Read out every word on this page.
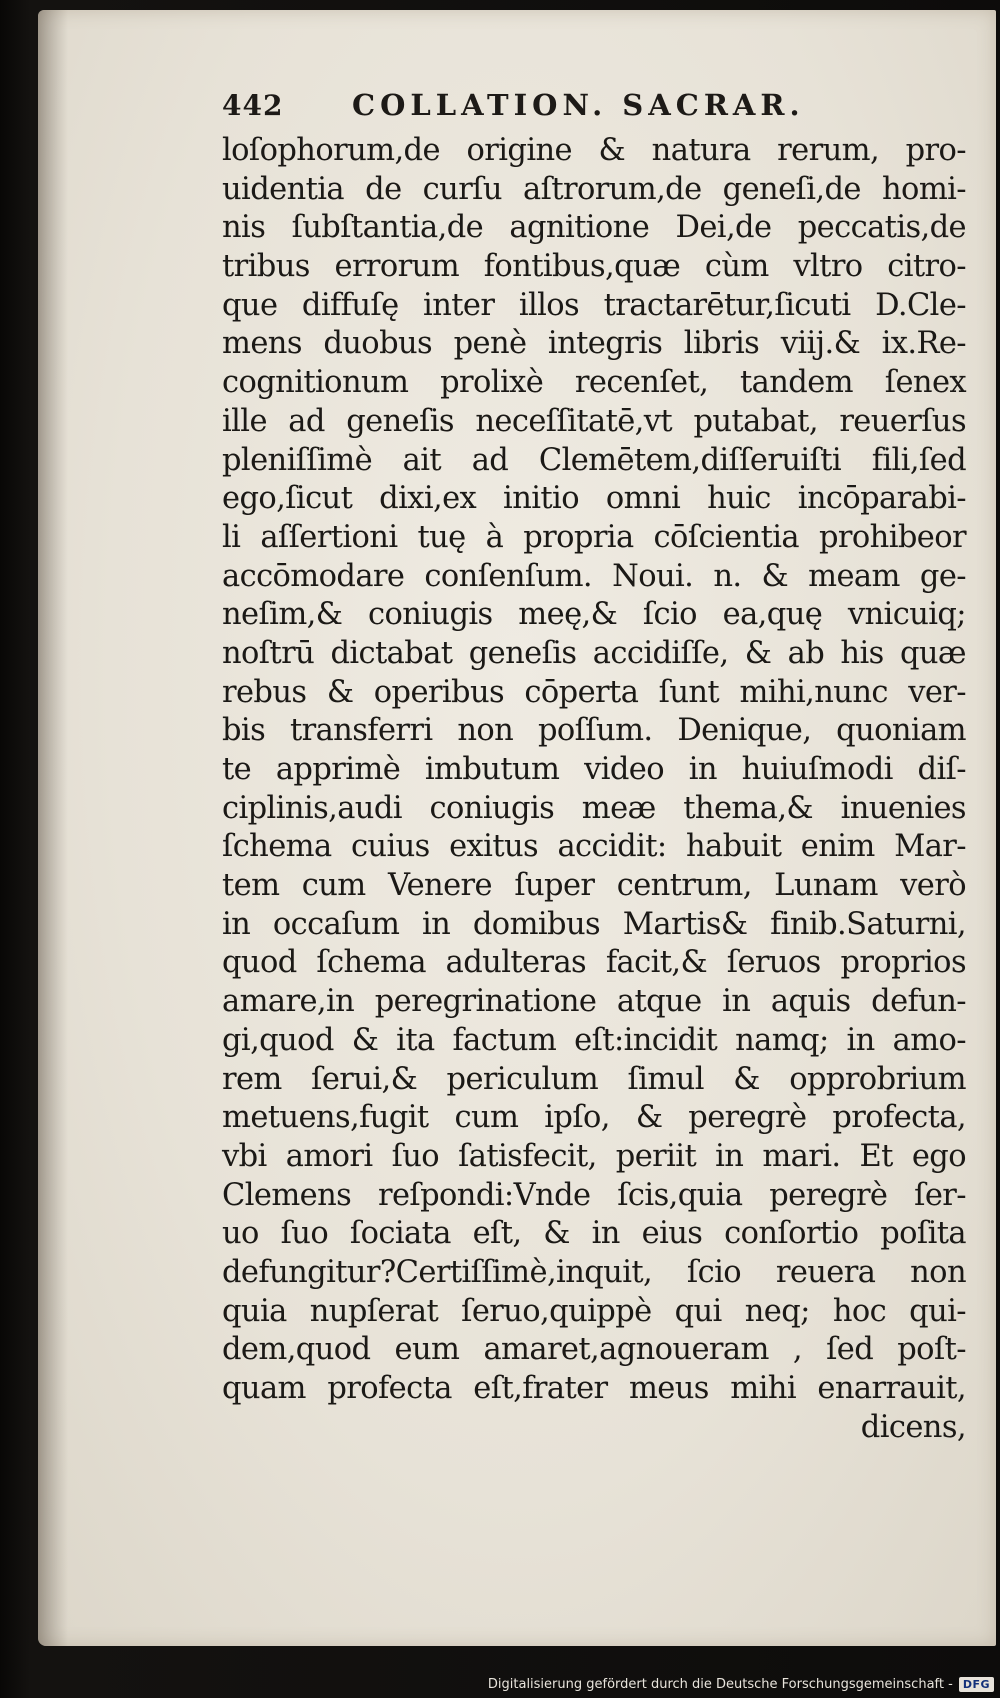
442	COLLATION. SACRAR.
loſophorum,de origine & natura rerum, pro-
uidentia de curſu aſtrorum,de geneſi,de homi-
nis ſubſtantia,de agnitione Dei,de peccatis,de
tribus errorum fontibus,quæ cùm vltro citro-
que diffuſę inter illos tractarētur,ſicuti D.Cle-
mens duobus penè integris libris viij.& ix.Re-
cognitionum prolixè recenſet, tandem ſenex
ille ad geneſis neceſſitatē,vt putabat, reuerſus
pleniſſimè ait ad Clemētem,diſſeruiſti fili,ſed
ego,ſicut dixi,ex initio omni huic incōparabi-
li aſſertioni tuę à propria cōſcientia prohibeor
accōmodare conſenſum. Noui. n. & meam ge-
neſim,& coniugis meę,& ſcio ea,quę vnicuiq;
noſtrū dictabat geneſis accidiſſe, & ab his quæ
rebus & operibus cōperta ſunt mihi,nunc ver-
bis transferri non poſſum. Denique, quoniam
te apprimè imbutum video in huiuſmodi diſ-
ciplinis,audi coniugis meæ thema,& inuenies
ſchema cuius exitus accidit: habuit enim Mar-
tem cum Venere ſuper centrum, Lunam verò
in occaſum in domibus Martis& finib.Saturni,
quod ſchema adulteras facit,& ſeruos proprios
amare,in peregrinatione atque in aquis defun-
gi,quod & ita factum eſt:incidit namq; in amo-
rem ſerui,& periculum ſimul & opprobrium
metuens,fugit cum ipſo, & peregrè profecta,
vbi amori ſuo ſatisfecit, periit in mari. Et ego
Clemens reſpondi:Vnde ſcis,quia peregrè ſer-
uo ſuo ſociata eſt, & in eius conſortio poſita
defungitur?Certiſſimè,inquit, ſcio reuera non
quia nupſerat ſeruo,quippè qui neq; hoc qui-
dem,quod eum amaret,agnoueram , ſed poſt-
quam profecta eſt,frater meus mihi enarrauit,
dicens,
Digitalisierung gefördert durch die Deutsche Forschungsgemeinschaft - DFG
